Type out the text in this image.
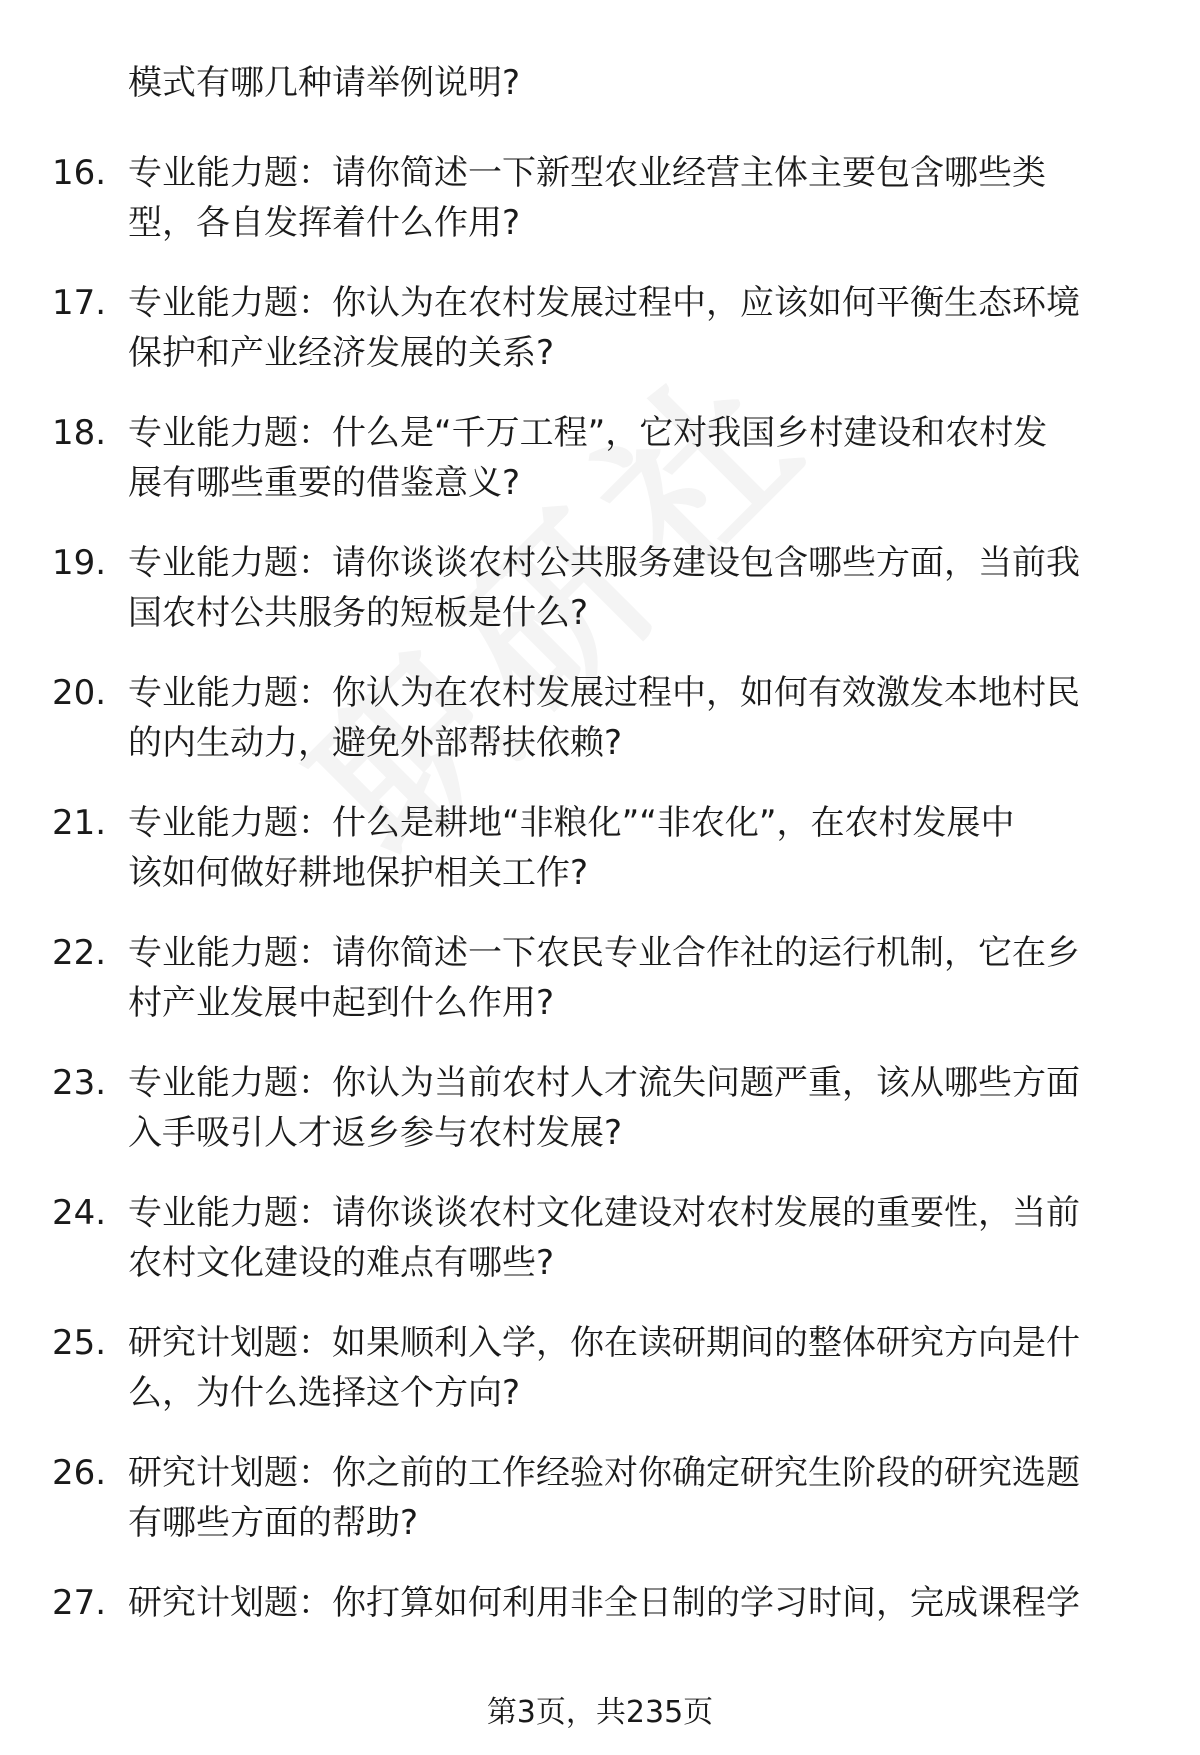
模式有哪几种请举例说明?
16. 专业能力题：请你简述一下新型农业经营主体主要包含哪些类
型，各自发挥着什么作用?
17. 专业能力题：你认为在农村发展过程中，应该如何平衡生态环境
保护和产业经济发展的关系?
18. 专业能力题：什么是“千万工程”，它对我国乡村建设和农村发
展有哪些重要的借鉴意义?
19. 专业能力题：请你谈谈农村公共服务建设包含哪些方面，当前我
国农村公共服务的短板是什么?
20. 专业能力题：你认为在农村发展过程中，如何有效激发本地村民
的内生动力，避免外部帮扶依赖?
21. 专业能力题：什么是耕地“非粮化”“非农化”，在农村发展中
该如何做好耕地保护相关工作?
22. 专业能力题：请你简述一下农民专业合作社的运行机制，它在乡
村产业发展中起到什么作用?
23. 专业能力题：你认为当前农村人才流失问题严重，该从哪些方面
入手吸引人才返乡参与农村发展?
24. 专业能力题：请你谈谈农村文化建设对农村发展的重要性，当前
农村文化建设的难点有哪些?
25. 研究计划题：如果顺利入学，你在读研期间的整体研究方向是什
么，为什么选择这个方向?
26. 研究计划题：你之前的工作经验对你确定研究生阶段的研究选题
有哪些方面的帮助?
27. 研究计划题：你打算如何利用非全日制的学习时间，完成课程学
第3页，共235页
